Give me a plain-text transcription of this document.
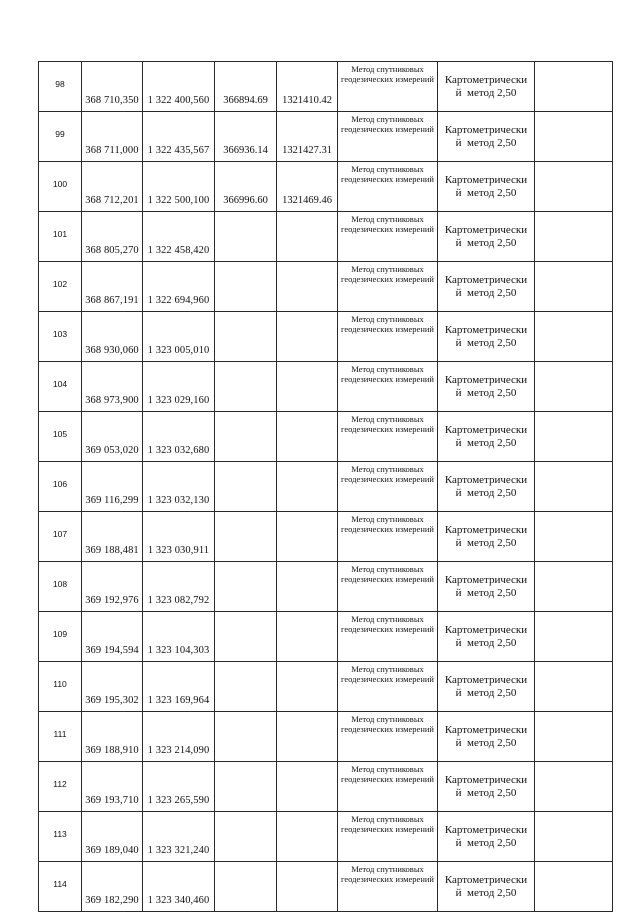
98	368 710,350	1 322 400,560	366894.69	1321410.42	Метод спутниковых геодезических измерений	Картометрически
й  метод 2,50	

99	368 711,000	1 322 435,567	366936.14	1321427.31	Метод спутниковых геодезических измерений	Картометрически
й  метод 2,50	

100	368 712,201	1 322 500,100	366996.60	1321469.46	Метод спутниковых геодезических измерений	Картометрически
й  метод 2,50	

101	368 805,270	1 322 458,420			Метод спутниковых геодезических измерений	Картометрически
й  метод 2,50	

102	368 867,191	1 322 694,960			Метод спутниковых геодезических измерений	Картометрически
й  метод 2,50	

103	368 930,060	1 323 005,010			Метод спутниковых геодезических измерений	Картометрически
й  метод 2,50	

104	368 973,900	1 323 029,160			Метод спутниковых геодезических измерений	Картометрически
й  метод 2,50	

105	369 053,020	1 323 032,680			Метод спутниковых геодезических измерений	Картометрически
й  метод 2,50	

106	369 116,299	1 323 032,130			Метод спутниковых геодезических измерений	Картометрически
й  метод 2,50	

107	369 188,481	1 323 030,911			Метод спутниковых геодезических измерений	Картометрически
й  метод 2,50	

108	369 192,976	1 323 082,792			Метод спутниковых геодезических измерений	Картометрически
й  метод 2,50	

109	369 194,594	1 323 104,303			Метод спутниковых геодезических измерений	Картометрически
й  метод 2,50	

110	369 195,302	1 323 169,964			Метод спутниковых геодезических измерений	Картометрически
й  метод 2,50	

111	369 188,910	1 323 214,090			Метод спутниковых геодезических измерений	Картометрически
й  метод 2,50	

112	369 193,710	1 323 265,590			Метод спутниковых геодезических измерений	Картометрически
й  метод 2,50	

113	369 189,040	1 323 321,240			Метод спутниковых геодезических измерений	Картометрически
й  метод 2,50	

114	369 182,290	1 323 340,460			Метод спутниковых геодезических измерений	Картометрически
й  метод 2,50	
